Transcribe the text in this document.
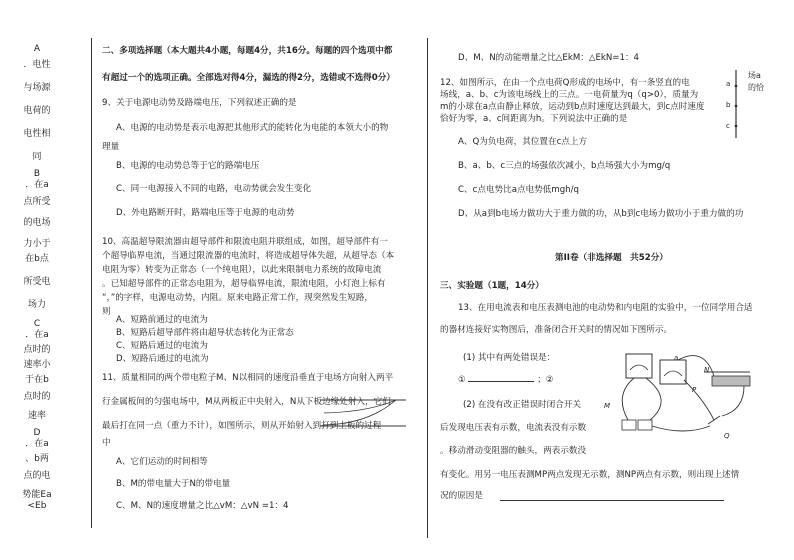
A
．电性
与场源
电荷的
电性相
同
B
．在a
点所受
的电场
力小于
在b点
所受电
场力
C
．在a
点时的
速率小
于在b
点时的
速率
D
．在a
、b两
点的电
势能Ea
<Eb
二、多项选择题（本大题共4小题，每题4分，共16分。每题的四个选项中都
有超过一个的选项正确。全部选对得4分，漏选的得2分，选错或不选得0分）
9、关于电源电动势及路端电压，下列叙述正确的是
A、电源的电动势是表示电源把其他形式的能转化为电能的本领大小的物
理量
B、电源的电动势总等于它的路端电压
C、同一电源接入不同的电路，电动势就会发生变化
D、外电路断开时，路端电压等于电源的电动势
10、高温超导限流器由超导部件和限流电阻并联组成，如图，超导部件有一
个超导临界电流，当通过限流器的电流时，将造成超导体失超，从超导态（本
电阻为零）转变为正常态（一个纯电阻），以此来限制电力系统的故障电流
。已知超导部件的正常态电阻为，超导临界电流，限流电阻，小灯泡上标有
“，”的字样，电源电动势，内阻。原来电路正常工作，现突然发生短路，
则
A、短路前通过的电流为
B、短路后超导部件将由超导状态转化为正常态
C、短路后通过的电流为
D、短路后通过的电流为
11、质量相同的两个带电粒子M、N以相同的速度沿垂直于电场方向射入两平
行金属板间的匀强电场中，M从两板正中央射入，N从下板边缘处射入，它们
最后打在同一点（重力不计），如图所示，则从开始射入到打到上板的过程
中
A、它们运动的时间相等
B、M的带电量大于N的带电量
C、M、N的速度增量之比△vM：△vN =1：4
D、M、N的动能增量之比△EkM：△EkN=1：4
12、如图所示，在由一个点电荷Q形成的电场中，有一条竖直的电
场线，a、b、c为该电场线上的三点。一电荷量为q（q>0），质量为
m的小球在a点由静止释放，运动到b点时速度达到最大，到c点时速度
恰好为零，a、c间距离为h。下列说法中正确的是
A、Q为负电荷，其位置在c点上方
B、a、b、c三点的场强依次减小，b点场强大小为mg/q
C、c点电势比a点电势低mgh/q
D、从a到b电场力做功大于重力做的功，从b到c电场力做功小于重力做的功
a
b
c
场a的恰
第II卷（非选择题　共52分）
三、实验题（1题，14分）
13、在用电流表和电压表测电池的电动势和内电阻的实验中，一位同学用合适
的器材连接好实物图后，准备闭合开关时的情况如下图所示。
(1) 其中有两处错误是：
①	；②
(2) 在没有改正错误时闭合开关
后发现电压表有示数，电流表没有示数
。移动滑动变阻器的触头，两表示数没
有变化。用另一电压表测MP两点发现无示数，测NP两点有示数，则出现上述情
况的原因是
a
N
P
Q
M
